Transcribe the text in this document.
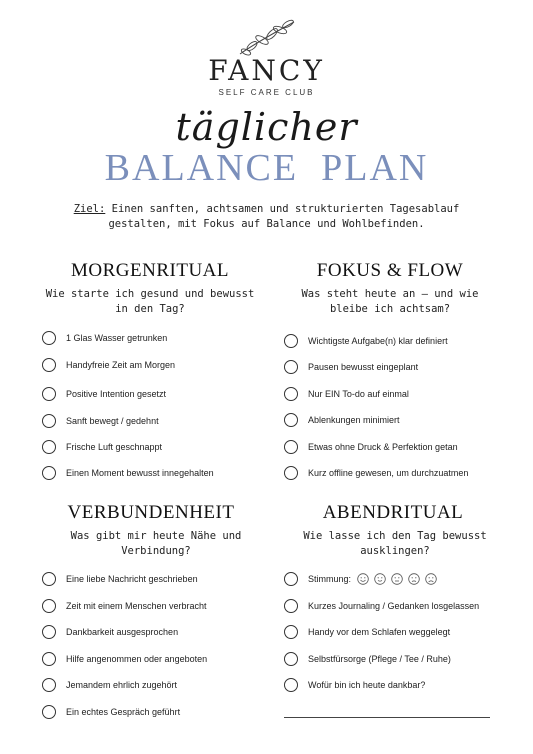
FANCY
SELF CARE CLUB
täglicher
BALANCE  PLAN
Ziel: Einen sanften, achtsamen und strukturierten Tagesablauf gestalten, mit Fokus auf Balance und Wohlbefinden.
MORGENRITUAL
Wie starte ich gesund und bewusst in den Tag?
1 Glas Wasser getrunken
Handyfreie Zeit am Morgen
Positive Intention gesetzt
Sanft bewegt / gedehnt
Frische Luft geschnappt
Einen Moment bewusst innegehalten
FOKUS & FLOW
Was steht heute an – und wie bleibe ich achtsam?
Wichtigste Aufgabe(n) klar definiert
Pausen bewusst eingeplant
Nur EIN To-do auf einmal
Ablenkungen minimiert
Etwas ohne Druck & Perfektion getan
Kurz offline gewesen, um durchzuatmen
VERBUNDENHEIT
Was gibt mir heute Nähe und Verbindung?
Eine liebe Nachricht geschrieben
Zeit mit einem Menschen verbracht
Dankbarkeit ausgesprochen
Hilfe angenommen oder angeboten
Jemandem ehrlich zugehört
Ein echtes Gespräch geführt
ABENDRITUAL
Wie lasse ich den Tag bewusst ausklingen?
Stimmung:
Kurzes Journaling / Gedanken losgelassen
Handy vor dem Schlafen weggelegt
Selbstfürsorge (Pflege / Tee / Ruhe)
Wofür bin ich heute dankbar?
